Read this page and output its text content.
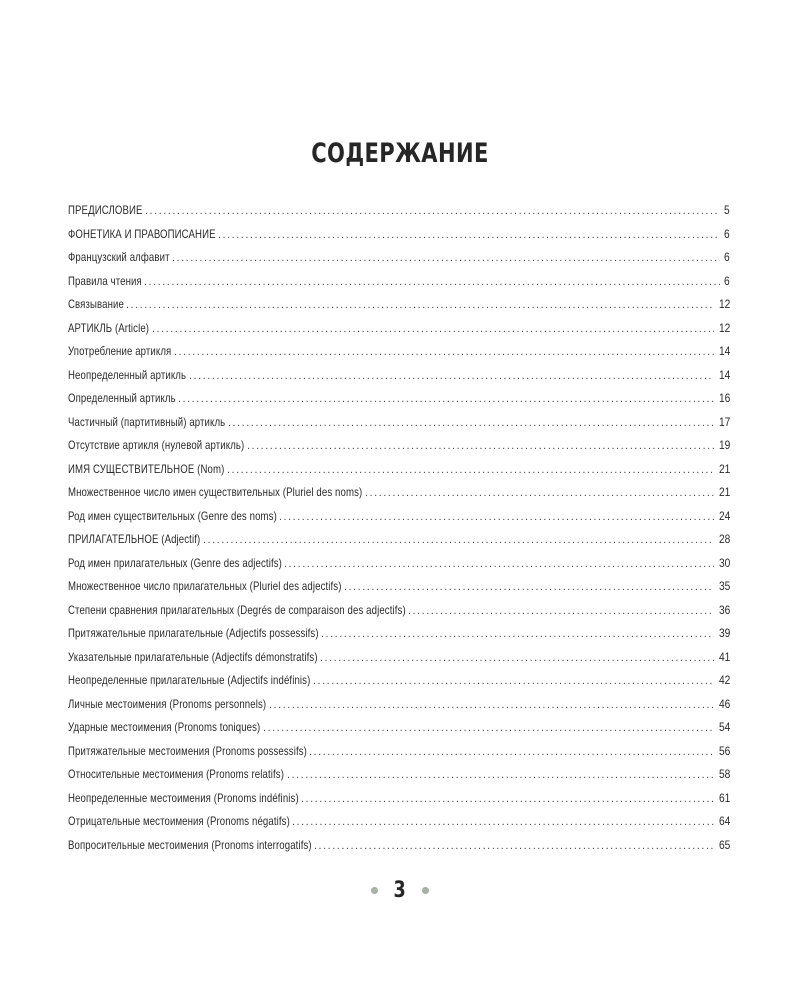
СОДЕРЖАНИЕ
ПРЕДИСЛОВИЕ .....	5
ФОНЕТИКА И ПРАВОПИСАНИЕ .....	6
Французский алфавит .....	6
Правила чтения .....	6
Связывание .....	12
АРТИКЛЬ (Article) .....	12
Употребление артикля .....	14
Неопределенный артикль .....	14
Определенный артикль .....	16
Частичный (партитивный) артикль .....	17
Отсутствие артикля (нулевой артикль) .....	19
ИМЯ СУЩЕСТВИТЕЛЬНОЕ (Nom) .....	21
Множественное число имен существительных (Pluriel des noms) .....	21
Род имен существительных (Genre des noms) .....	24
ПРИЛАГАТЕЛЬНОЕ (Adjectif) .....	28
Род имен прилагательных (Genre des adjectifs) .....	30
Множественное число прилагательных (Pluriel des adjectifs) .....	35
Степени сравнения прилагательных (Degrés de comparaison des adjectifs) .....	36
Притяжательные прилагательные (Adjectifs possessifs) .....	39
Указательные прилагательные (Adjectifs démonstratifs) .....	41
Неопределенные прилагательные (Adjectifs indéfinis) .....	42
Личные местоимения (Pronoms personnels) .....	46
Ударные местоимения (Pronoms toniques) .....	54
Притяжательные местоимения (Pronoms possessifs) .....	56
Относительные местоимения (Pronoms relatifs) .....	58
Неопределенные местоимения (Pronoms indéfinis) .....	61
Отрицательные местоимения (Pronoms négatifs) .....	64
Вопросительные местоимения (Pronoms interrogatifs) .....	65
3
